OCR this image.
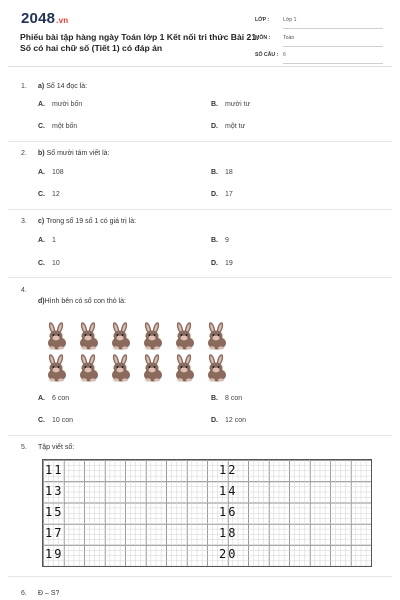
2048.vn
Phiếu bài tập hàng ngày Toán lớp 1 Kết nối tri thức Bài 21. Số có hai chữ số (Tiết 1) có đáp án
LỚP :	Lớp 1
MÔN : Toán
SỐ CÂU : 6
1. a) Số 14 đọc là:
A. mười bốn	B. mười tư
C. một bốn	D. một tư
2. b) Số mười tám viết là:
A. 108	B. 18
C. 12	D. 17
3. c) Trong số 19 số 1 có giá trị là:
A. 1	B. 9
C. 10	D. 19
4.
d)Hình bên có số con thỏ là:
A. 6 con	B. 8 con
C. 10 con	D. 12 con
5. Tập viết số:
11	12
13	14
15	16
17	18
19	20
6. Đ – S?
